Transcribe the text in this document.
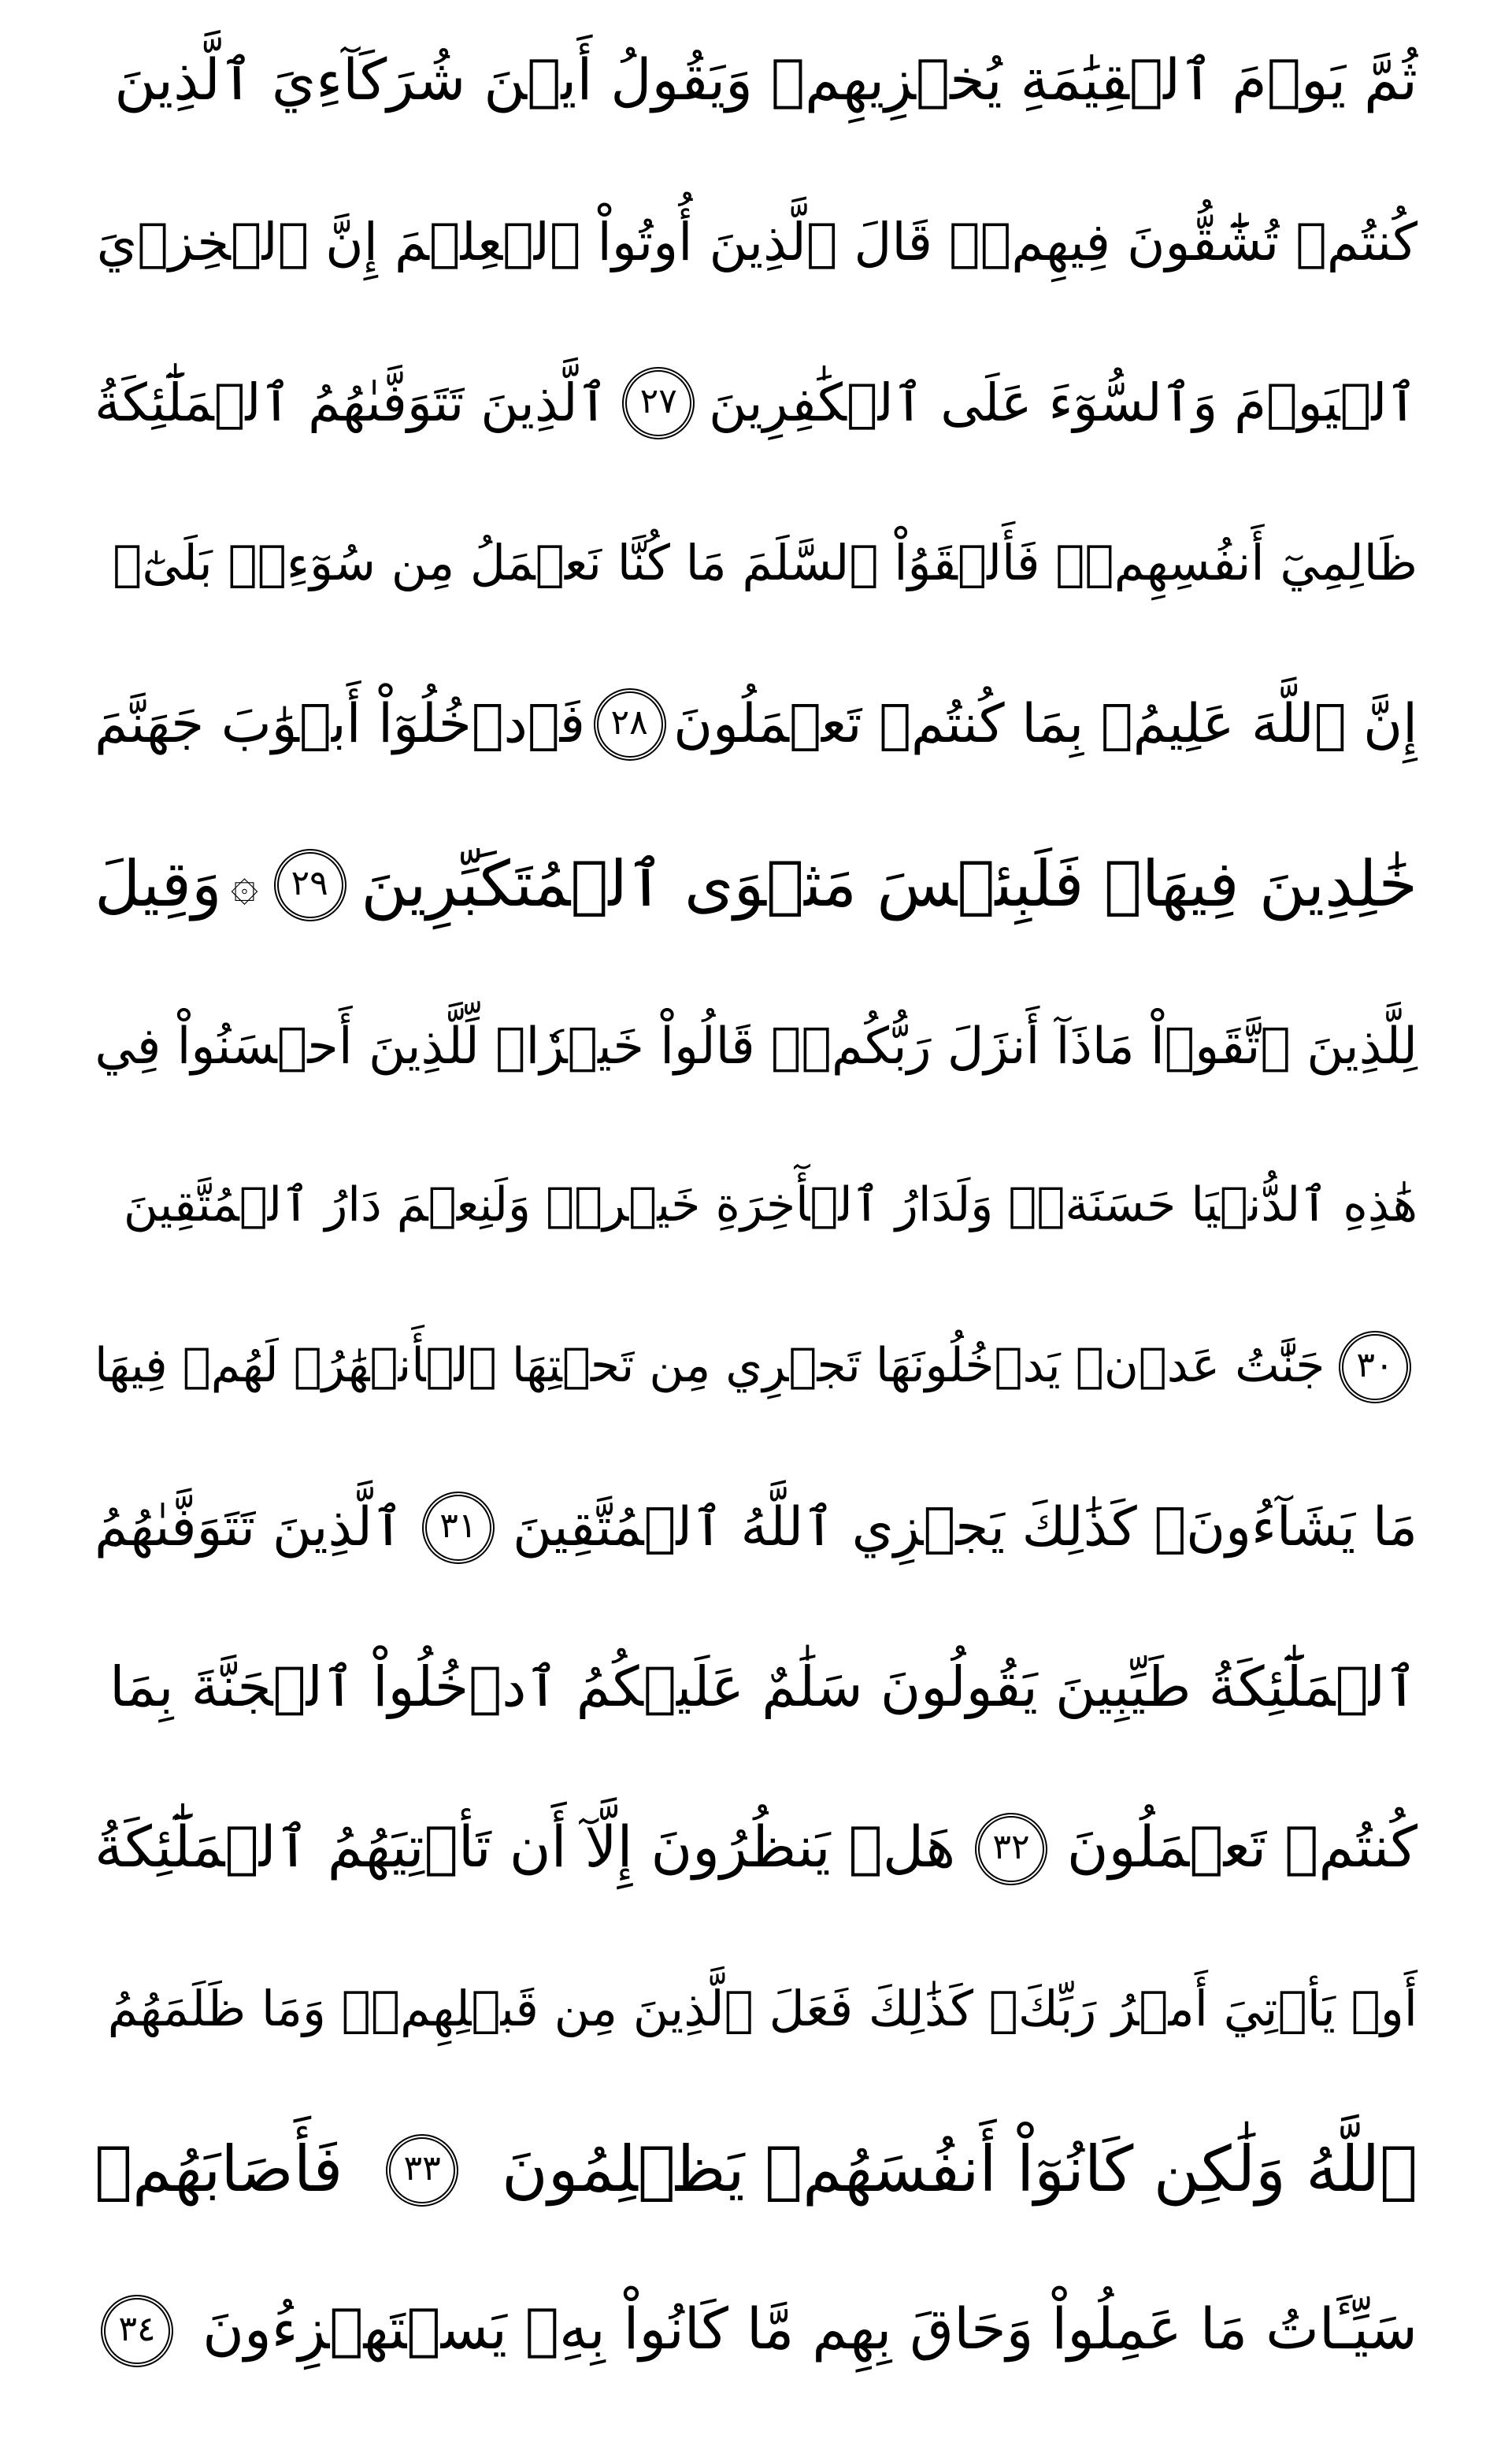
ثُمَّ يَوۡمَ ٱلۡقِيَٰمَةِ يُخۡزِيهِمۡ وَيَقُولُ أَيۡنَ شُرَكَآءِيَ ٱلَّذِينَ
كُنتُمۡ تُشَٰٓقُّونَ فِيهِمۡۚ قَالَ ٱلَّذِينَ أُوتُواْ ٱلۡعِلۡمَ إِنَّ ٱلۡخِزۡيَ
ٱلۡيَوۡمَ وَٱلسُّوٓءَ عَلَى ٱلۡكَٰفِرِينَ
٢٧
ٱلَّذِينَ تَتَوَفَّىٰهُمُ ٱلۡمَلَٰٓئِكَةُ
ظَالِمِيٓ أَنفُسِهِمۡۖ فَأَلۡقَوُاْ ٱلسَّلَمَ مَا كُنَّا نَعۡمَلُ مِن سُوٓءِۭۚ بَلَىٰٓۚ
إِنَّ ٱللَّهَ عَلِيمُۢ بِمَا كُنتُمۡ تَعۡمَلُونَ
٢٨
فَٱدۡخُلُوٓاْ أَبۡوَٰبَ جَهَنَّمَ
خَٰلِدِينَ فِيهَاۖ فَلَبِئۡسَ مَثۡوَى ٱلۡمُتَكَبِّرِينَ
٢٩
۞
وَقِيلَ
لِلَّذِينَ ٱتَّقَوۡاْ مَاذَآ أَنزَلَ رَبُّكُمۡۚ قَالُواْ خَيۡرٗاۗ لِّلَّذِينَ أَحۡسَنُواْ فِي
هَٰذِهِ ٱلدُّنۡيَا حَسَنَةٞۚ وَلَدَارُ ٱلۡأٓخِرَةِ خَيۡرٞۚ وَلَنِعۡمَ دَارُ ٱلۡمُتَّقِينَ
٣٠
جَنَّٰتُ عَدۡنٖ يَدۡخُلُونَهَا تَجۡرِي مِن تَحۡتِهَا ٱلۡأَنۡهَٰرُۖ لَهُمۡ فِيهَا
مَا يَشَآءُونَۚ كَذَٰلِكَ يَجۡزِي ٱللَّهُ ٱلۡمُتَّقِينَ
٣١
ٱلَّذِينَ تَتَوَفَّىٰهُمُ
ٱلۡمَلَٰٓئِكَةُ طَيِّبِينَ يَقُولُونَ سَلَٰمٌ عَلَيۡكُمُ ٱدۡخُلُواْ ٱلۡجَنَّةَ بِمَا
كُنتُمۡ تَعۡمَلُونَ
٣٢
هَلۡ يَنظُرُونَ إِلَّآ أَن تَأۡتِيَهُمُ ٱلۡمَلَٰٓئِكَةُ
أَوۡ يَأۡتِيَ أَمۡرُ رَبِّكَۚ كَذَٰلِكَ فَعَلَ ٱلَّذِينَ مِن قَبۡلِهِمۡۚ وَمَا ظَلَمَهُمُ
ٱللَّهُ وَلَٰكِن كَانُوٓاْ أَنفُسَهُمۡ يَظۡلِمُونَ
٣٣
فَأَصَابَهُمۡ
سَيِّـَٔاتُ مَا عَمِلُواْ وَحَاقَ بِهِم مَّا كَانُواْ بِهِۦ يَسۡتَهۡزِءُونَ
٣٤
